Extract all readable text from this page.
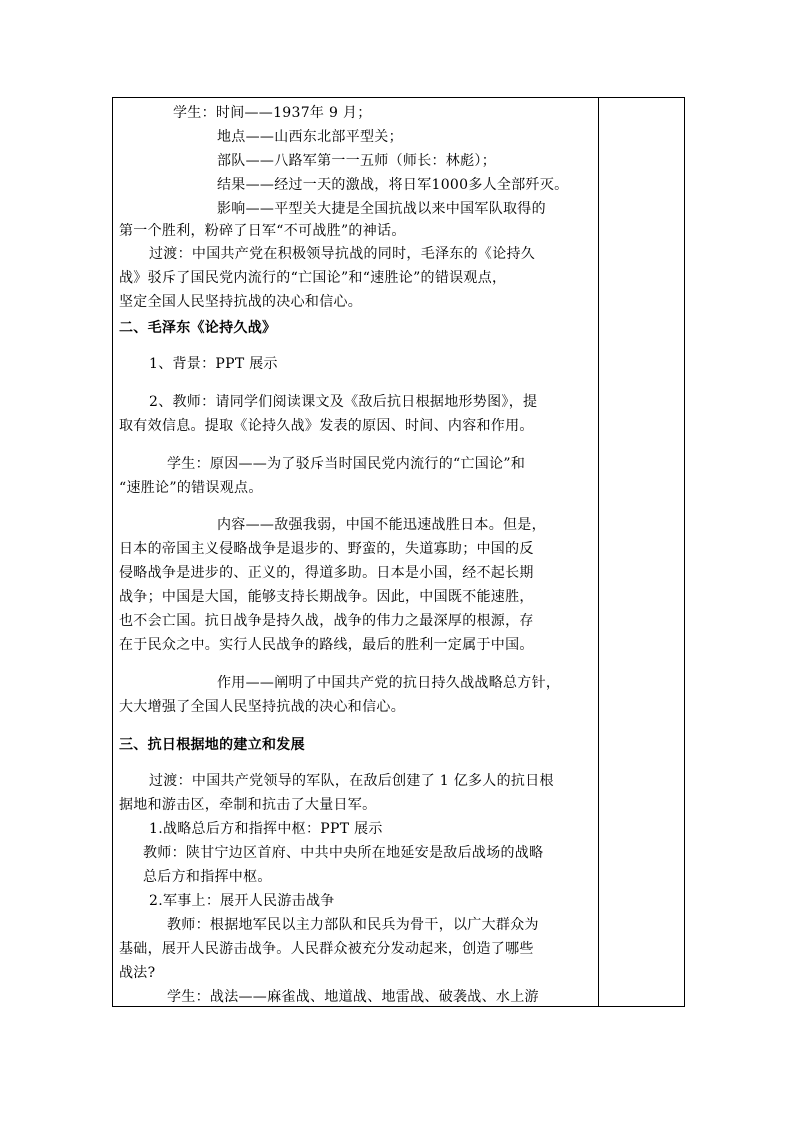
学生：时间——1937年 9 月；
地点——山西东北部平型关；
部队——八路军第一一五师（师长：林彪）；
结果——经过一天的激战，将日军1000多人全部歼灭。
影响——平型关大捷是全国抗战以来中国军队取得的
第一个胜利，粉碎了日军“不可战胜”的神话。
过渡：中国共产党在积极领导抗战的同时，毛泽东的《论持久
战》驳斥了国民党内流行的“亡国论”和“速胜论”的错误观点，
坚定全国人民坚持抗战的决心和信心。
二、毛泽东《论持久战》
1、背景：PPT 展示
2、教师：请同学们阅读课文及《敌后抗日根据地形势图》，提
取有效信息。提取《论持久战》发表的原因、时间、内容和作用。
学生：原因——为了驳斥当时国民党内流行的“亡国论”和
“速胜论”的错误观点。
内容——敌强我弱，中国不能迅速战胜日本。但是，
日本的帝国主义侵略战争是退步的、野蛮的，失道寡助；中国的反
侵略战争是进步的、正义的，得道多助。日本是小国，经不起长期
战争；中国是大国，能够支持长期战争。因此，中国既不能速胜，
也不会亡国。抗日战争是持久战，战争的伟力之最深厚的根源，存
在于民众之中。实行人民战争的路线，最后的胜利一定属于中国。
作用——阐明了中国共产党的抗日持久战战略总方针，
大大增强了全国人民坚持抗战的决心和信心。
三、抗日根据地的建立和发展
过渡：中国共产党领导的军队，在敌后创建了 1 亿多人的抗日根
据地和游击区，牵制和抗击了大量日军。
1.战略总后方和指挥中枢：PPT 展示
教师：陕甘宁边区首府、中共中央所在地延安是敌后战场的战略
总后方和指挥中枢。
2.军事上：展开人民游击战争
教师：根据地军民以主力部队和民兵为骨干，以广大群众为
基础，展开人民游击战争。人民群众被充分发动起来，创造了哪些
战法?
学生：战法——麻雀战、地道战、地雷战、破袭战、水上游
